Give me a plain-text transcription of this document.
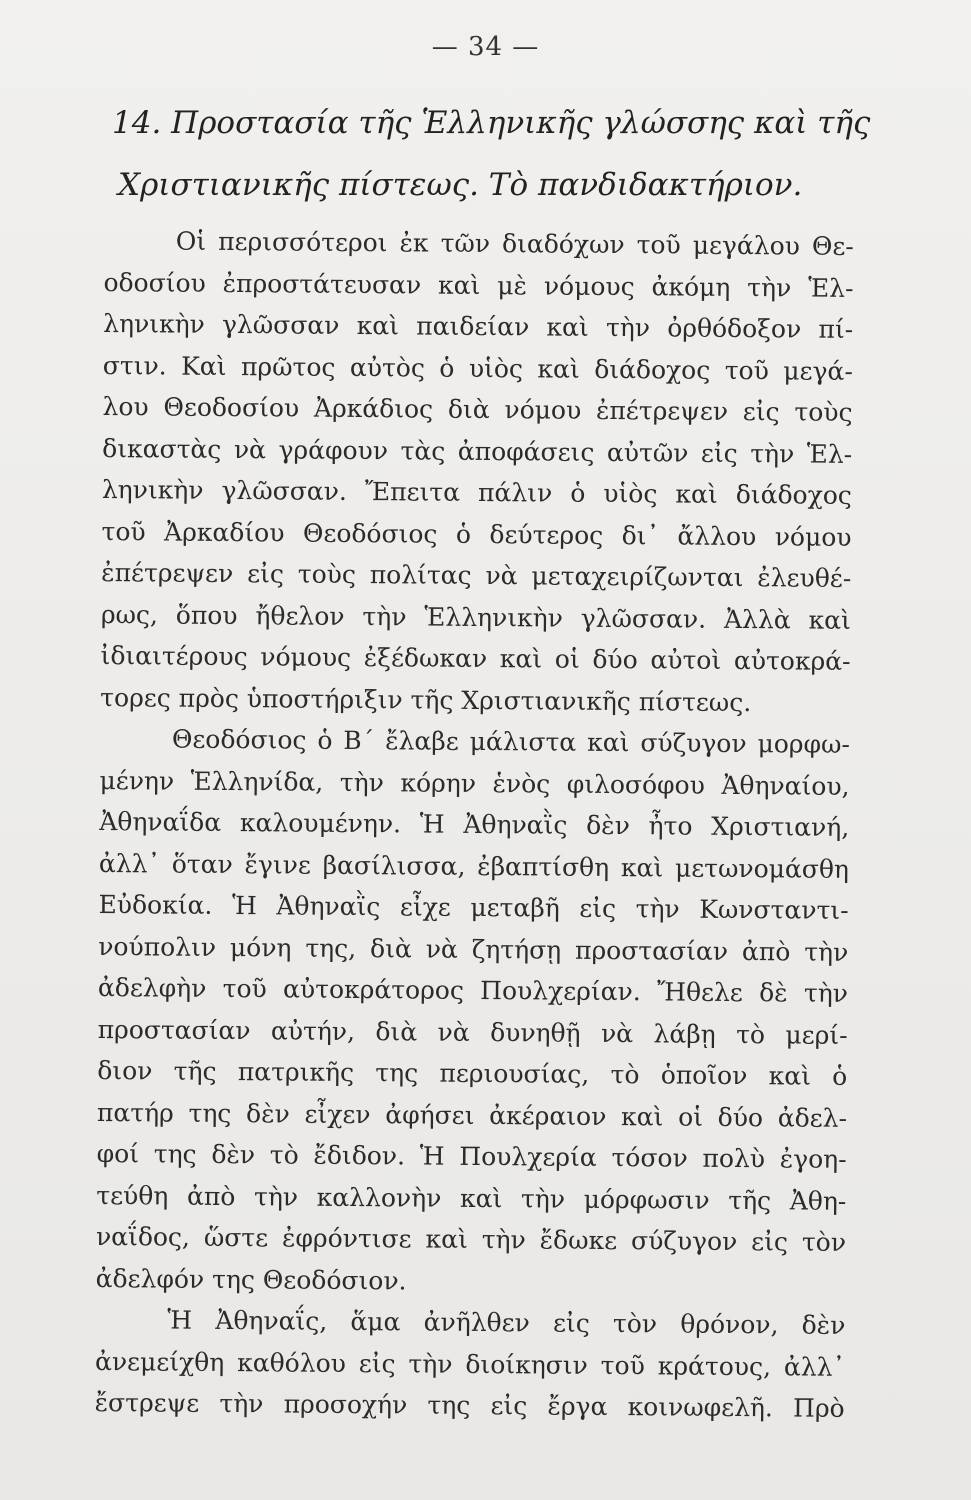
— 34 —
14. Προστασία τῆς Ἑλληνικῆς γλώσσης καὶ τῆς
Χριστιανικῆς πίστεως. Τὸ πανδιδακτήριον.
Οἱ περισσότεροι ἐκ τῶν διαδόχων τοῦ μεγάλου Θε-
οδοσίου ἐπροστάτευσαν καὶ μὲ νόμους ἀκόμη τὴν Ἑλ-
ληνικὴν γλῶσσαν καὶ παιδείαν καὶ τὴν ὀρθόδοξον πί-
στιν. Καὶ πρῶτος αὐτὸς ὁ υἱὸς καὶ διάδοχος τοῦ μεγά-
λου Θεοδοσίου Ἀρκάδιος διὰ νόμου ἐπέτρεψεν εἰς τοὺς
δικαστὰς νὰ γράφουν τὰς ἀποφάσεις αὐτῶν εἰς τὴν Ἑλ-
ληνικὴν γλῶσσαν. Ἔπειτα πάλιν ὁ υἱὸς καὶ διάδοχος
τοῦ Ἀρκαδίου Θεοδόσιος ὁ δεύτερος δι᾽ ἄλλου νόμου
ἐπέτρεψεν εἰς τοὺς πολίτας νὰ μεταχειρίζωνται ἐλευθέ-
ρως, ὅπου ἤθελον τὴν Ἑλληνικὴν γλῶσσαν. Ἀλλὰ καὶ
ἰδιαιτέρους νόμους ἐξέδωκαν καὶ οἱ δύο αὐτοὶ αὐτοκρά-
τορες πρὸς ὑποστήριξιν τῆς Χριστιανικῆς πίστεως.
Θεοδόσιος ὁ Β΄ ἔλαβε μάλιστα καὶ σύζυγον μορφω-
μένην Ἑλληνίδα, τὴν κόρην ἑνὸς φιλοσόφου Ἀθηναίου,
Ἀθηναΐδα καλουμένην. Ἡ Ἀθηναῒς δὲν ἦτο Χριστιανή,
ἀλλ᾽ ὅταν ἔγινε βασίλισσα, ἐβαπτίσθη καὶ μετωνομάσθη
Εὐδοκία. Ἡ Ἀθηναῒς εἶχε μεταβῆ εἰς τὴν Κωνσταντι-
νούπολιν μόνη της, διὰ νὰ ζητήσῃ προστασίαν ἀπὸ τὴν
ἀδελφὴν τοῦ αὐτοκράτορος Πουλχερίαν. Ἤθελε δὲ τὴν
προστασίαν αὐτήν, διὰ νὰ δυνηθῇ νὰ λάβῃ τὸ μερί-
διον τῆς πατρικῆς της περιουσίας, τὸ ὁποῖον καὶ ὁ
πατήρ της δὲν εἶχεν ἀφήσει ἀκέραιον καὶ οἱ δύο ἀδελ-
φοί της δὲν τὸ ἔδιδον. Ἡ Πουλχερία τόσον πολὺ ἐγοη-
τεύθη ἀπὸ τὴν καλλονὴν καὶ τὴν μόρφωσιν τῆς Ἀθη-
ναΐδος, ὥστε ἐφρόντισε καὶ τὴν ἔδωκε σύζυγον εἰς τὸν
ἀδελφόν της Θεοδόσιον.
Ἡ Ἀθηναΐς, ἅμα ἀνῆλθεν εἰς τὸν θρόνον, δὲν
ἀνεμείχθη καθόλου εἰς τὴν διοίκησιν τοῦ κράτους, ἀλλ᾽
ἔστρεψε τὴν προσοχήν της εἰς ἔργα κοινωφελῆ. Πρὸ
